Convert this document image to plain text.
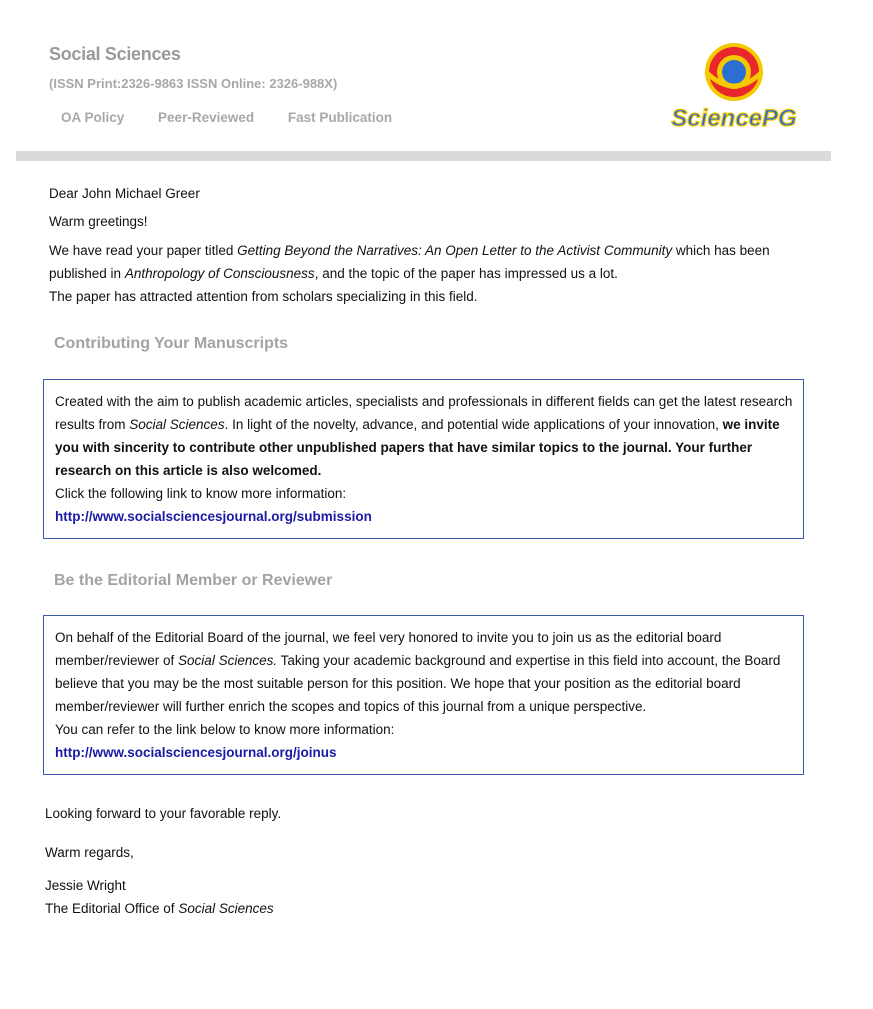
Social Sciences
(ISSN Print:2326-9863 ISSN Online: 2326-988X)
OA Policy	Peer-Reviewed	Fast Publication	SciencePG
Dear John Michael Greer
Warm greetings!
We have read your paper titled Getting Beyond the Narratives: An Open Letter to the Activist Community which has been published in Anthropology of Consciousness, and the topic of the paper has impressed us a lot.
The paper has attracted attention from scholars specializing in this field.
Contributing Your Manuscripts
Created with the aim to publish academic articles, specialists and professionals in different fields can get the latest research results from Social Sciences. In light of the novelty, advance, and potential wide applications of your innovation, we invite you with sincerity to contribute other unpublished papers that have similar topics to the journal. Your further research on this article is also welcomed.
Click the following link to know more information:
http://www.socialsciencesjournal.org/submission
Be the Editorial Member or Reviewer
On behalf of the Editorial Board of the journal, we feel very honored to invite you to join us as the editorial board member/reviewer of Social Sciences. Taking your academic background and expertise in this field into account, the Board believe that you may be the most suitable person for this position. We hope that your position as the editorial board member/reviewer will further enrich the scopes and topics of this journal from a unique perspective.
You can refer to the link below to know more information:
http://www.socialsciencesjournal.org/joinus
Looking forward to your favorable reply.
Warm regards,
Jessie Wright
The Editorial Office of Social Sciences
